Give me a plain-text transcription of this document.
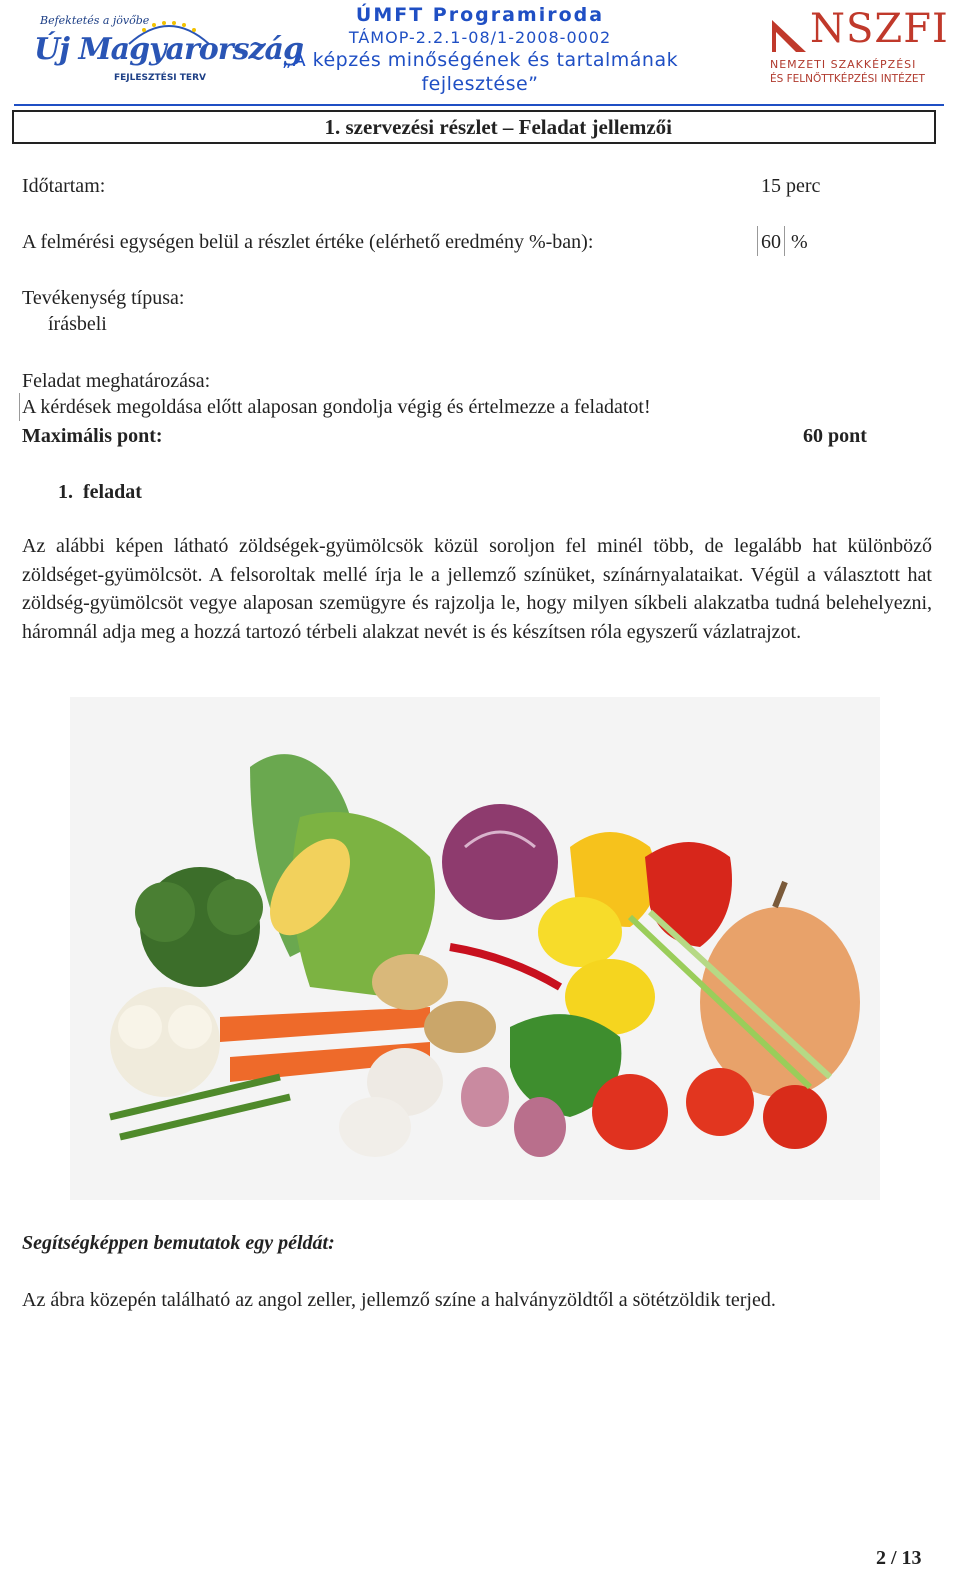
Befektetés a jövőbe
Új Magyarország
FEJLESZTÉSI TERV
ÚMFT Programiroda
TÁMOP-2.2.1-08/1-2008-0002
„A képzés minőségének és tartalmának
fejlesztése”
NSZFI
NEMZETI SZAKKÉPZÉSI
ÉS FELNŐTTKÉPZÉSI INTÉZET
1. szervezési részlet – Feladat jellemzői
Időtartam:	15 perc
A felmérési egységen belül a részlet értéke (elérhető eredmény %-ban):	60 %
Tevékenység típusa:
írásbeli
Feladat meghatározása:
A kérdések megoldása előtt alaposan gondolja végig és értelmezze a feladatot!
Maximális pont:	60 pont
1.  feladat
Az alábbi képen látható zöldségek-gyümölcsök közül soroljon fel minél több, de legalább hat különböző zöldséget-gyümölcsöt. A felsoroltak mellé írja le a jellemző színüket, színárnyalataikat. Végül a választott hat zöldség-gyümölcsöt vegye alaposan szemügyre és rajzolja le, hogy milyen síkbeli alakzatba tudná belehelyezni, háromnál adja meg a hozzá tartozó térbeli alakzat nevét is és készítsen róla egyszerű vázlatrajzot.
Segítségképpen bemutatok egy példát:
Az ábra közepén található az angol zeller, jellemző színe a halványzöldtől a sötétzöldik terjed.
2 / 13
